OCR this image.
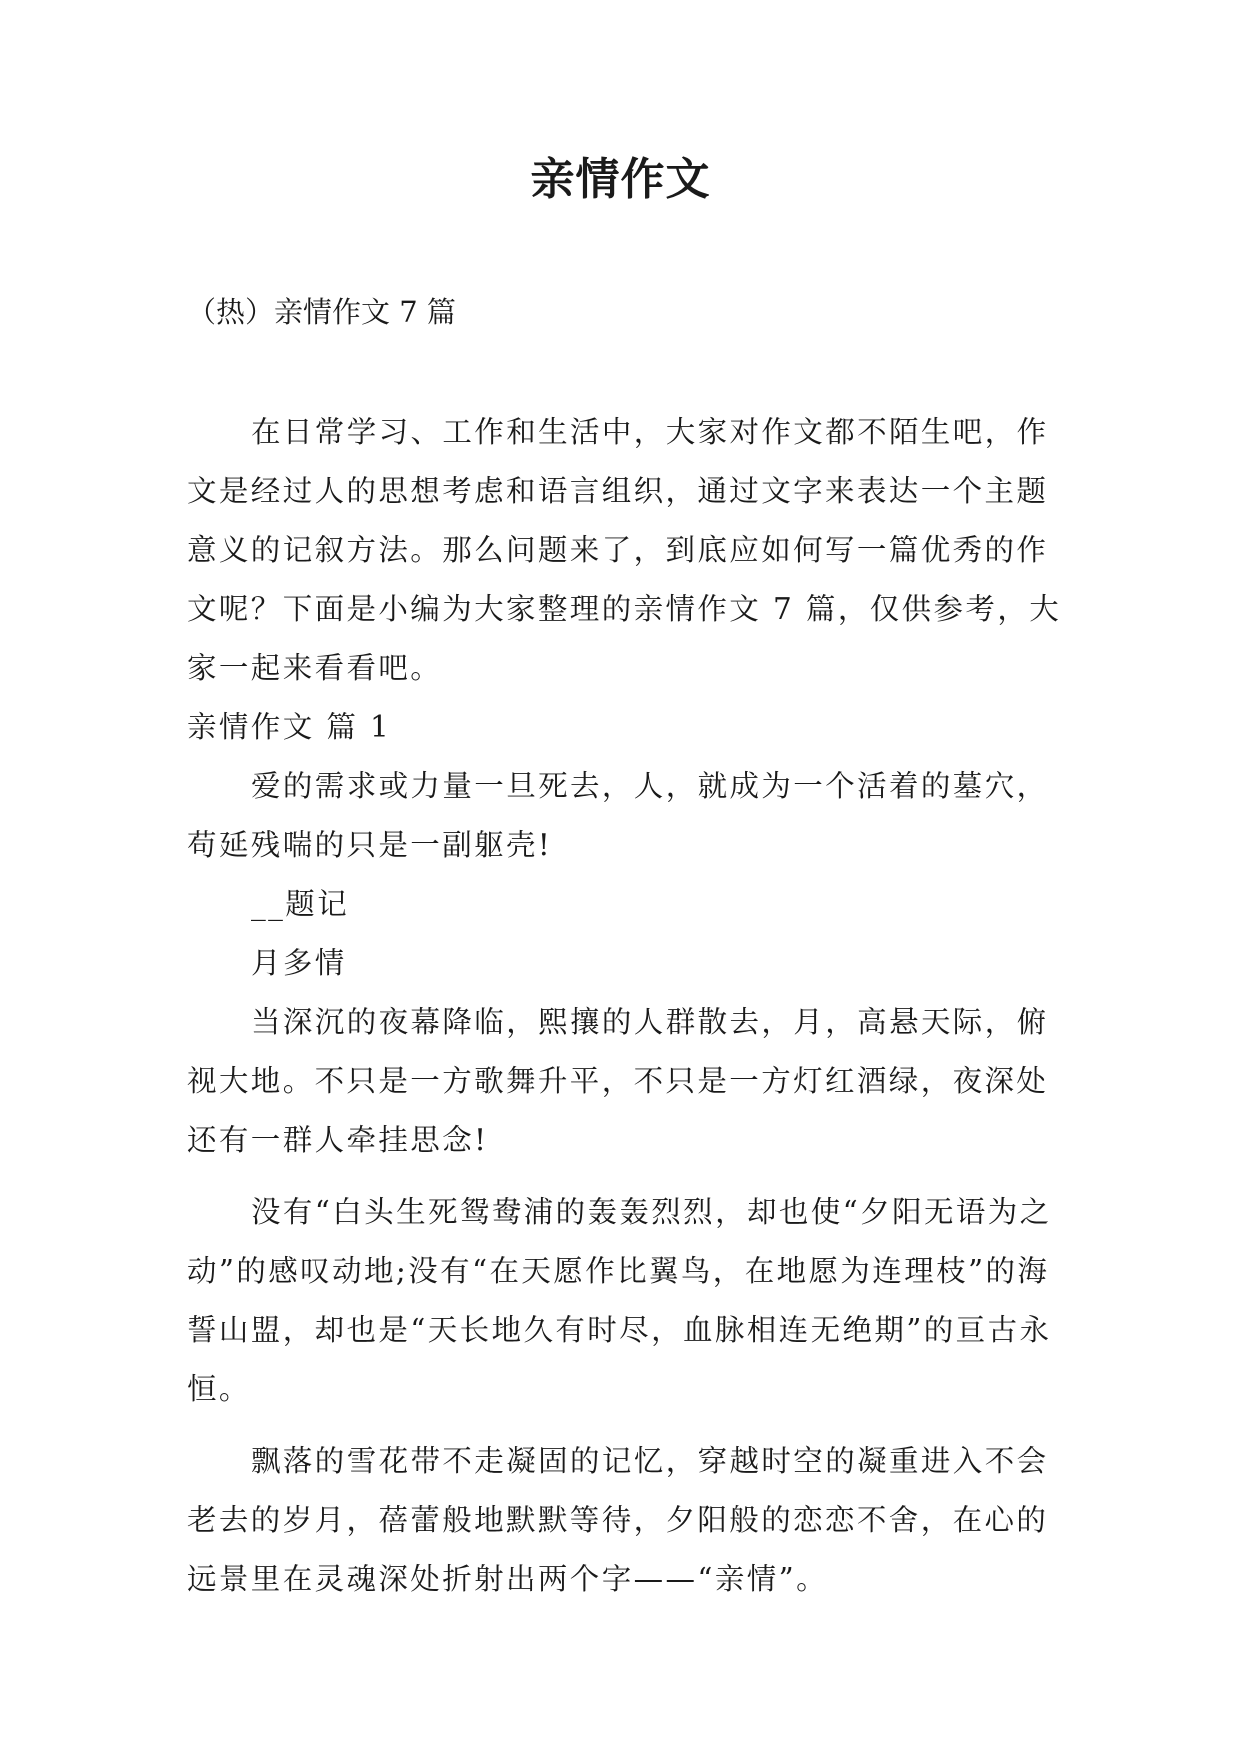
亲情作文

（热）亲情作文 7 篇

在日常学习、工作和生活中，大家对作文都不陌生吧，作文是经过人的思想考虑和语言组织，通过文字来表达一个主题意义的记叙方法。那么问题来了，到底应如何写一篇优秀的作文呢？下面是小编为大家整理的亲情作文 7 篇，仅供参考，大家一起来看看吧。

亲情作文 篇 1

爱的需求或力量一旦死去，人，就成为一个活着的墓穴，苟延残喘的只是一副躯壳!

__题记

月多情

当深沉的夜幕降临，熙攘的人群散去，月，高悬天际，俯视大地。不只是一方歌舞升平，不只是一方灯红酒绿，夜深处还有一群人牵挂思念!

没有“白头生死鸳鸯浦的轰轰烈烈，却也使“夕阳无语为之动”的感叹动地;没有“在天愿作比翼鸟，在地愿为连理枝”的海誓山盟，却也是“天长地久有时尽，血脉相连无绝期”的亘古永恒。

飘落的雪花带不走凝固的记忆，穿越时空的凝重进入不会老去的岁月，蓓蕾般地默默等待，夕阳般的恋恋不舍，在心的远景里在灵魂深处折射出两个字——“亲情”。
